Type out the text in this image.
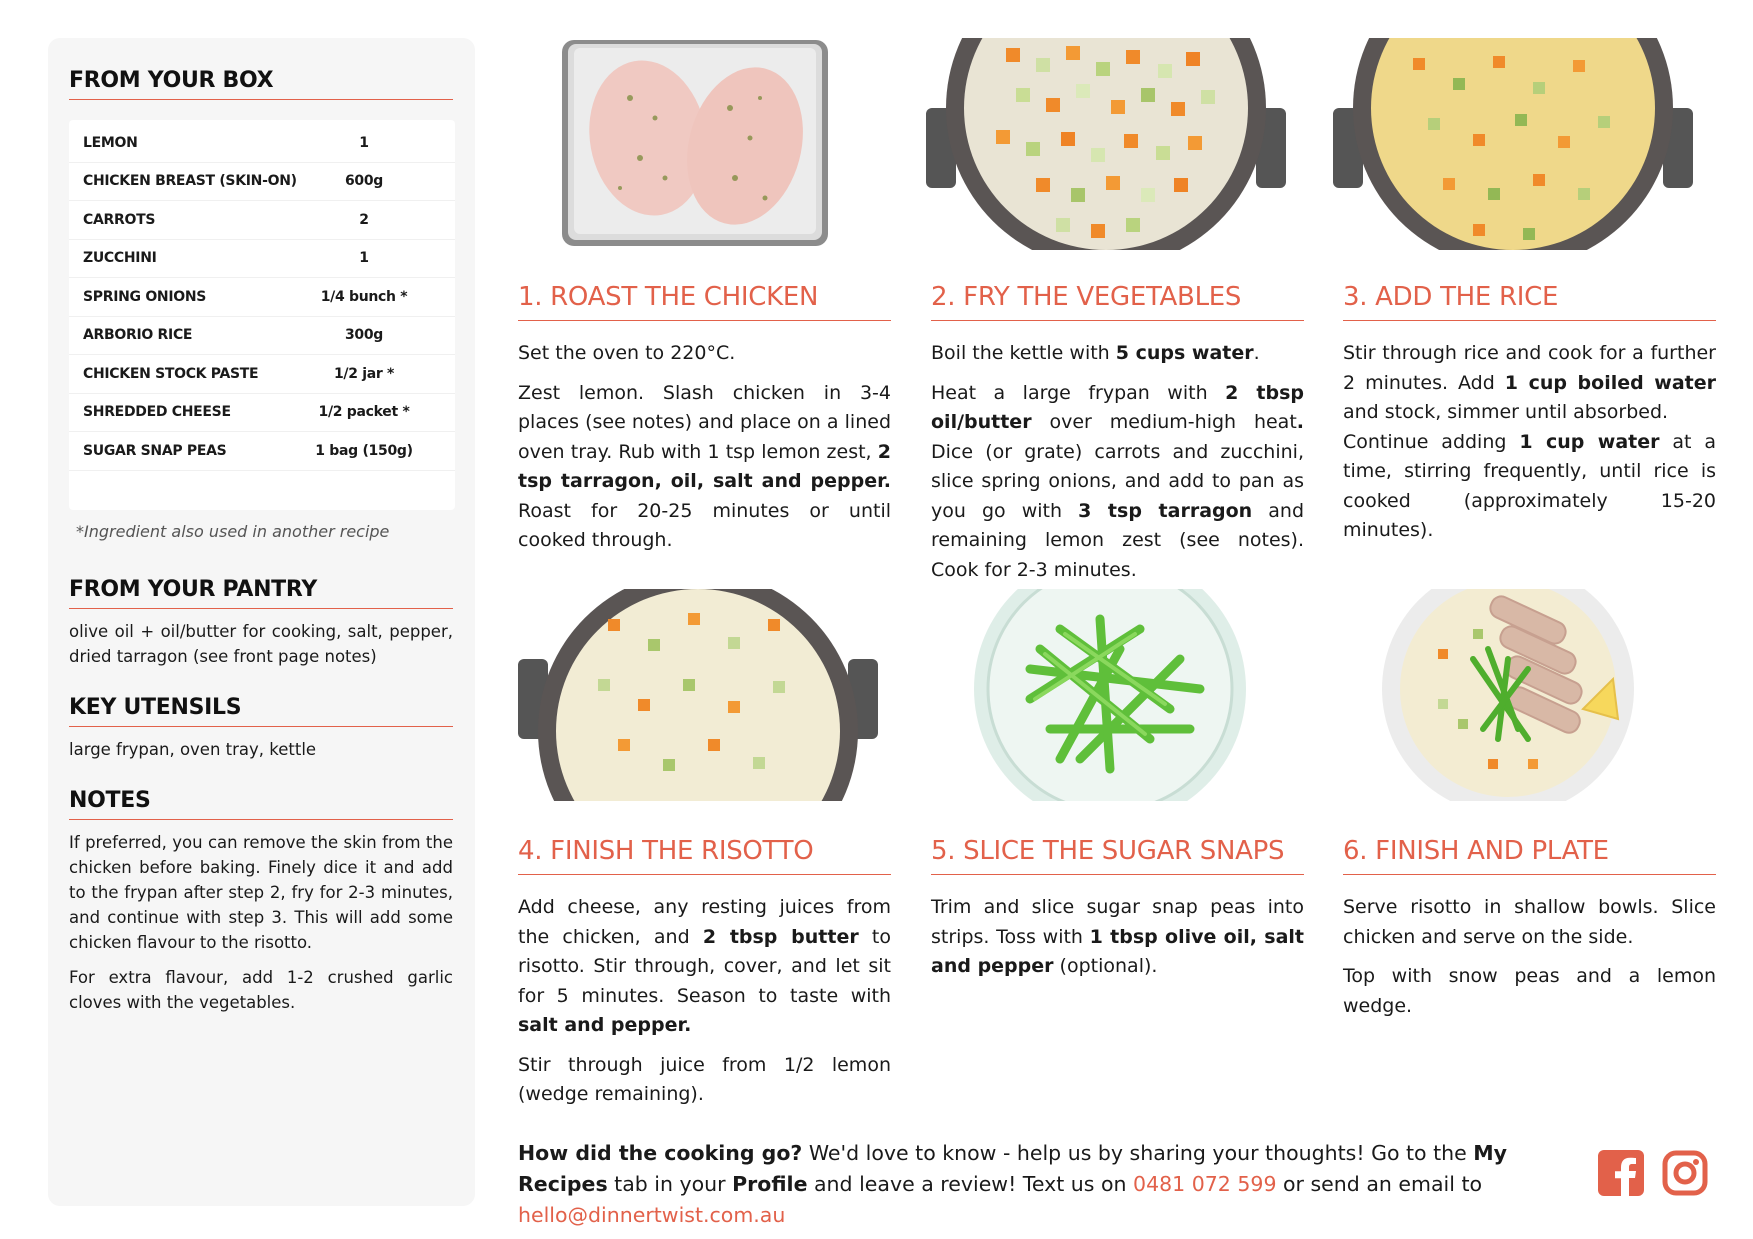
FROM YOUR BOX
LEMON	1
CHICKEN BREAST (SKIN-ON)	600g
CARROTS	2
ZUCCHINI	1
SPRING ONIONS	1/4 bunch *
ARBORIO RICE	300g
CHICKEN STOCK PASTE	1/2 jar *
SHREDDED CHEESE	1/2 packet *
SUGAR SNAP PEAS	1 bag (150g)
*Ingredient also used in another recipe
FROM YOUR PANTRY
olive oil + oil/butter for cooking, salt, pepper, dried tarragon (see front page notes)
KEY UTENSILS
large frypan, oven tray, kettle
NOTES
If preferred, you can remove the skin from the chicken before baking. Finely dice it and add to the frypan after step 2, fry for 2-3 minutes, and continue with step 3. This will add some chicken flavour to the risotto.
For extra flavour, add 1-2 crushed garlic cloves with the vegetables.
1. ROAST THE CHICKEN
Set the oven to 220°C.
Zest lemon. Slash chicken in 3-4 places (see notes) and place on a lined oven tray. Rub with 1 tsp lemon zest, 2 tsp tarragon, oil, salt and pepper. Roast for 20-25 minutes or until cooked through.
2. FRY THE VEGETABLES
Boil the kettle with 5 cups water.
Heat a large frypan with 2 tbsp oil/butter over medium-high heat. Dice (or grate) carrots and zucchini, slice spring onions, and add to pan as you go with 3 tsp tarragon and remaining lemon zest (see notes). Cook for 2-3 minutes.
3. ADD THE RICE
Stir through rice and cook for a further 2 minutes. Add 1 cup boiled water and stock, simmer until absorbed.
Continue adding 1 cup water at a time, stirring frequently, until rice is cooked (approximately 15-20 minutes).
4. FINISH THE RISOTTO
Add cheese, any resting juices from the chicken, and 2 tbsp butter to risotto. Stir through, cover, and let sit for 5 minutes. Season to taste with salt and pepper.
Stir through juice from 1/2 lemon (wedge remaining).
5. SLICE THE SUGAR SNAPS
Trim and slice sugar snap peas into strips. Toss with 1 tbsp olive oil, salt and pepper (optional).
6. FINISH AND PLATE
Serve risotto in shallow bowls. Slice chicken and serve on the side.
Top with snow peas and a lemon wedge.
How did the cooking go? We'd love to know - help us by sharing your thoughts! Go to the My Recipes tab in your Profile and leave a review! Text us on 0481 072 599 or send an email to hello@dinnertwist.com.au
